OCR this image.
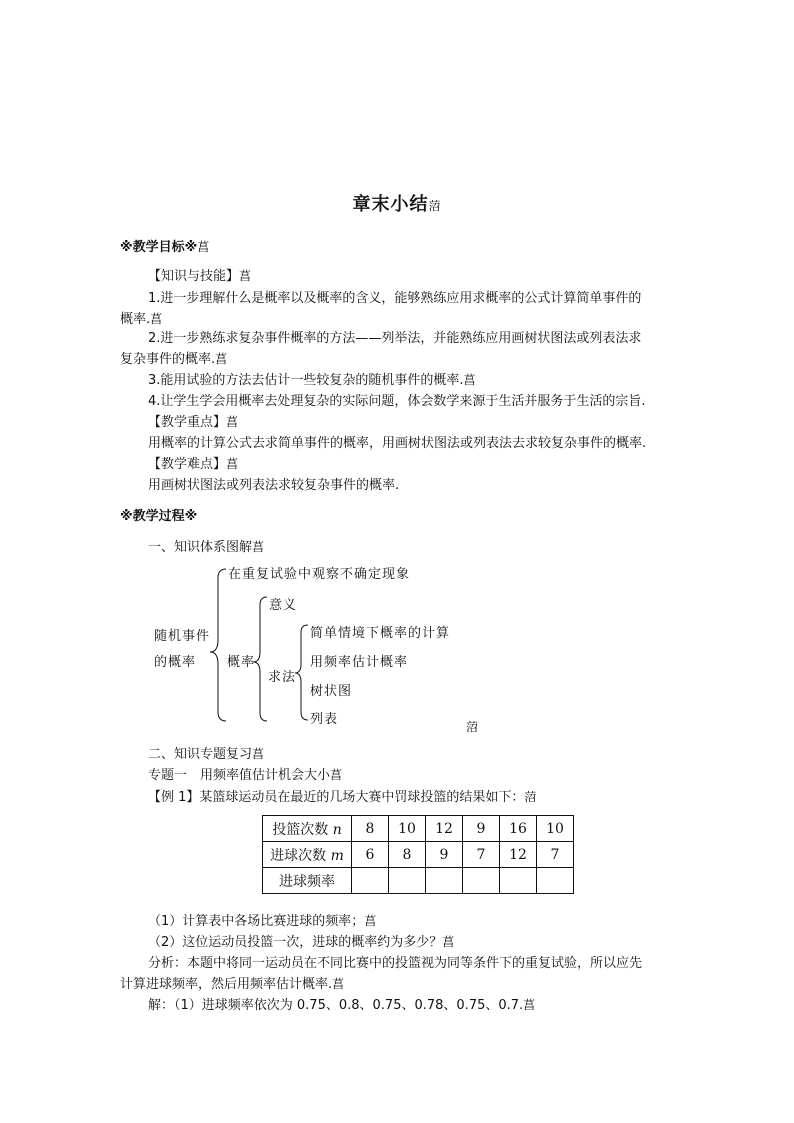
章末小结菬
※教学目标※菖
【知识与技能】菖
1.进一步理解什么是概率以及概率的含义，能够熟练应用求概率的公式计算简单事件的
概率.菖
2.进一步熟练求复杂事件概率的方法——列举法，并能熟练应用画树状图法或列表法求
复杂事件的概率.菖
3.能用试验的方法去估计一些较复杂的随机事件的概率.菖
4.让学生学会用概率去处理复杂的实际问题，体会数学来源于生活并服务于生活的宗旨.
【教学重点】菖
用概率的计算公式去求简单事件的概率，用画树状图法或列表法去求较复杂事件的概率.
【教学难点】菖
用画树状图法或列表法求较复杂事件的概率.
※教学过程※
一、知识体系图解菖
随机事件
的概率
在重复试验中观察不确定现象
概率
意义
求法
简单情境下概率的计算
用频率估计概率
树状图
列表	菬
二、知识专题复习菖
专题一　用频率值估计机会大小菖
【例 1】某篮球运动员在最近的几场大赛中罚球投篮的结果如下：菬
投篮次数 n	8	10	12	9	16	10
进球次数 m	6	8	9	7	12	7
进球频率						
（1）计算表中各场比赛进球的频率；菖
（2）这位运动员投篮一次，进球的概率约为多少？菖
分析：本题中将同一运动员在不同比赛中的投篮视为同等条件下的重复试验，所以应先
计算进球频率，然后用频率估计概率.菖
解：（1）进球频率依次为 0.75、0.8、0.75、0.78、0.75、0.7.菖
